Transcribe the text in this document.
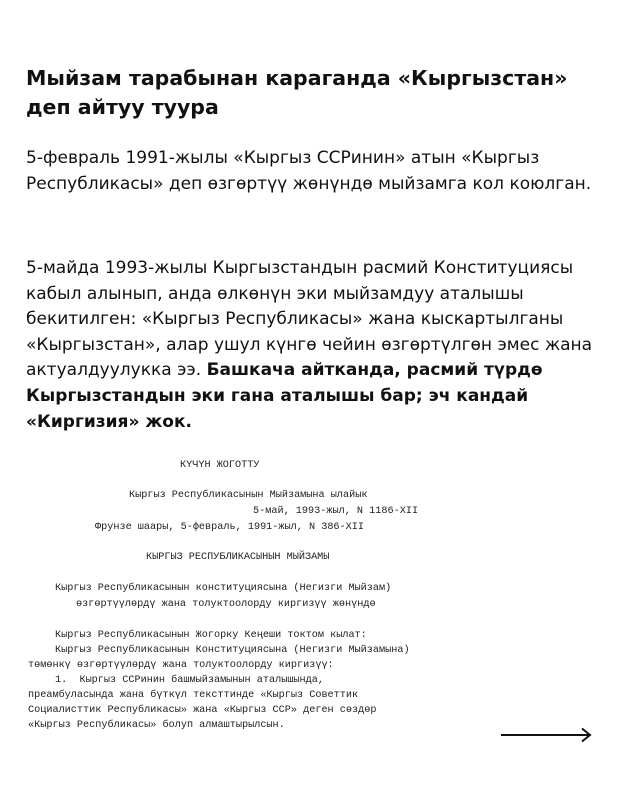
Мыйзам тарабынан караганда «Кыргызстан» деп айтуу туура

5-февраль 1991-жылы «Кыргыз ССРинин» атын «Кыргыз Республикасы» деп өзгөртүү жөнүндө мыйзамга кол коюлган.

5-майда 1993-жылы Кыргызстандын расмий Конституциясы кабыл алынып, анда өлкөнүн эки мыйзамдуу аталышы бекитилген: «Кыргыз Республикасы» жана кыскартылганы «Кыргызстан», алар ушул күнгө чейин өзгөртүлгөн эмес жана актуалдуулукка ээ. Башкача айтканда, расмий түрдө Кыргызстандын эки гана аталышы бар; эч кандай «Киргизия» жок.

КҮЧҮН ЖОГОТТУ
Кыргыз Республикасынын Мыйзамына ылайык
5-май, 1993-жыл, N 1186-XII
Фрунзе шаары, 5-февраль, 1991-жыл, N 386-XII
КЫРГЫЗ РЕСПУБЛИКАСЫНЫН МЫЙЗАМЫ
Кыргыз Республикасынын конституциясына (Негизги Мыйзам)
өзгөртүүлөрдү жана толуктоолорду киргизүү жөнүндө
Кыргыз Республикасынын Жогорку Кеңеши токтом кылат:
Кыргыз Республикасынын Конституциясына (Негизги Мыйзамына)
төмөнкү өзгөртүүлөрдү жана толуктоолорду киргизүү:
1.  Кыргыз ССРинин башмыйзамынын аталышында,
преамбуласында жана бүткүл тексттинде «Кыргыз Советтик
Социалисттик Республикасы» жана «Кыргыз ССР» деген сөздөр
«Кыргыз Республикасы» болуп алмаштырылсын.
